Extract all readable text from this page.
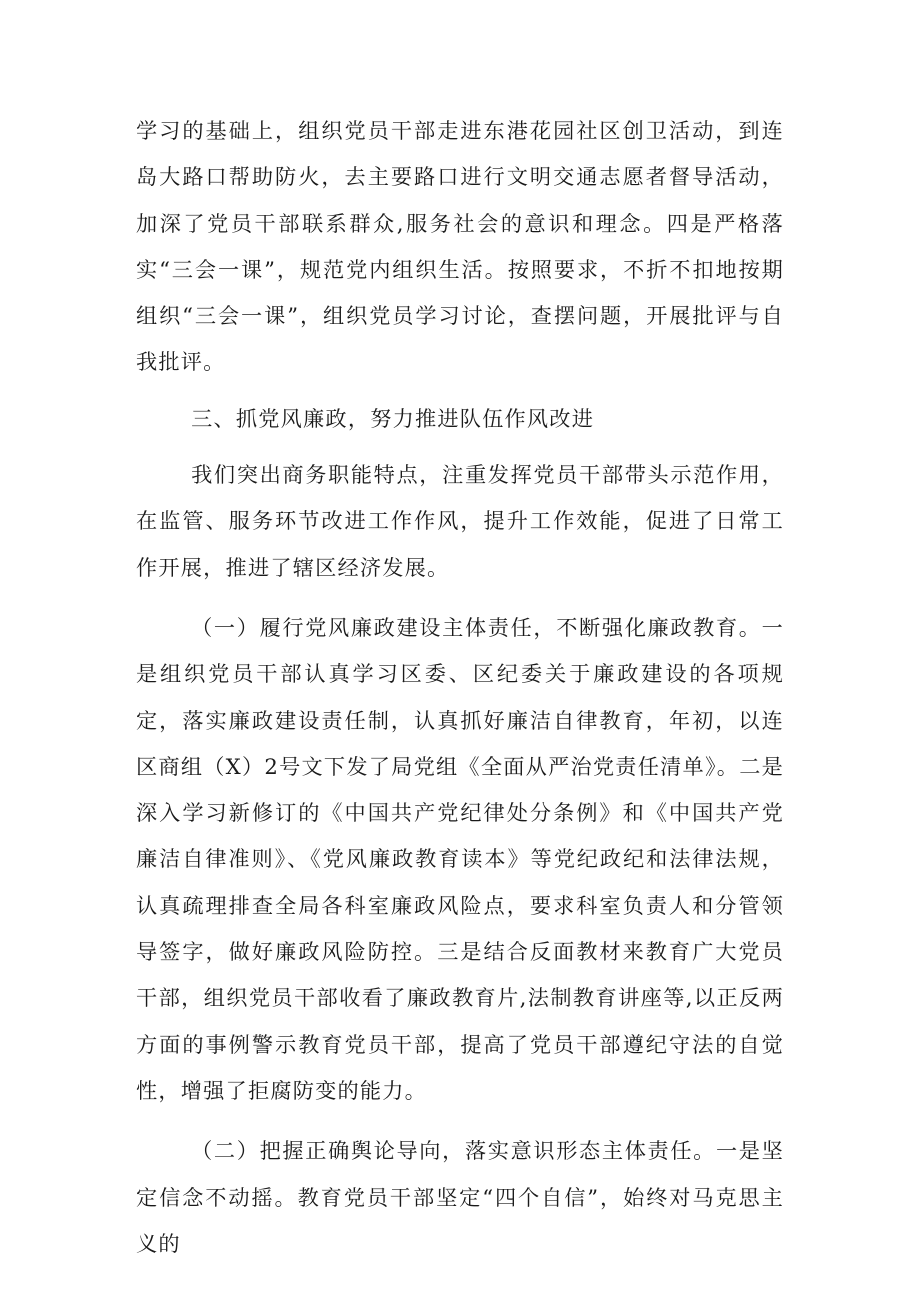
学习的基础上，组织党员干部走进东港花园社区创卫活动，到连岛大路口帮助防火，去主要路口进行文明交通志愿者督导活动，加深了党员干部联系群众,服务社会的意识和理念。四是严格落实“三会一课”，规范党内组织生活。按照要求，不折不扣地按期组织“三会一课”，组织党员学习讨论，查摆问题，开展批评与自我批评。

三、抓党风廉政，努力推进队伍作风改进

我们突出商务职能特点，注重发挥党员干部带头示范作用，在监管、服务环节改进工作作风，提升工作效能，促进了日常工作开展，推进了辖区经济发展。

（一）履行党风廉政建设主体责任，不断强化廉政教育。一是组织党员干部认真学习区委、区纪委关于廉政建设的各项规定，落实廉政建设责任制，认真抓好廉洁自律教育，年初，以连区商组（X）2号文下发了局党组《全面从严治党责任清单》。二是深入学习新修订的《中国共产党纪律处分条例》和《中国共产党廉洁自律准则》、《党风廉政教育读本》等党纪政纪和法律法规，认真疏理排查全局各科室廉政风险点，要求科室负责人和分管领导签字，做好廉政风险防控。三是结合反面教材来教育广大党员干部，组织党员干部收看了廉政教育片,法制教育讲座等,以正反两方面的事例警示教育党员干部，提高了党员干部遵纪守法的自觉性，增强了拒腐防变的能力。

（二）把握正确舆论导向，落实意识形态主体责任。一是坚定信念不动摇。教育党员干部坚定“四个自信”，始终对马克思主义的
